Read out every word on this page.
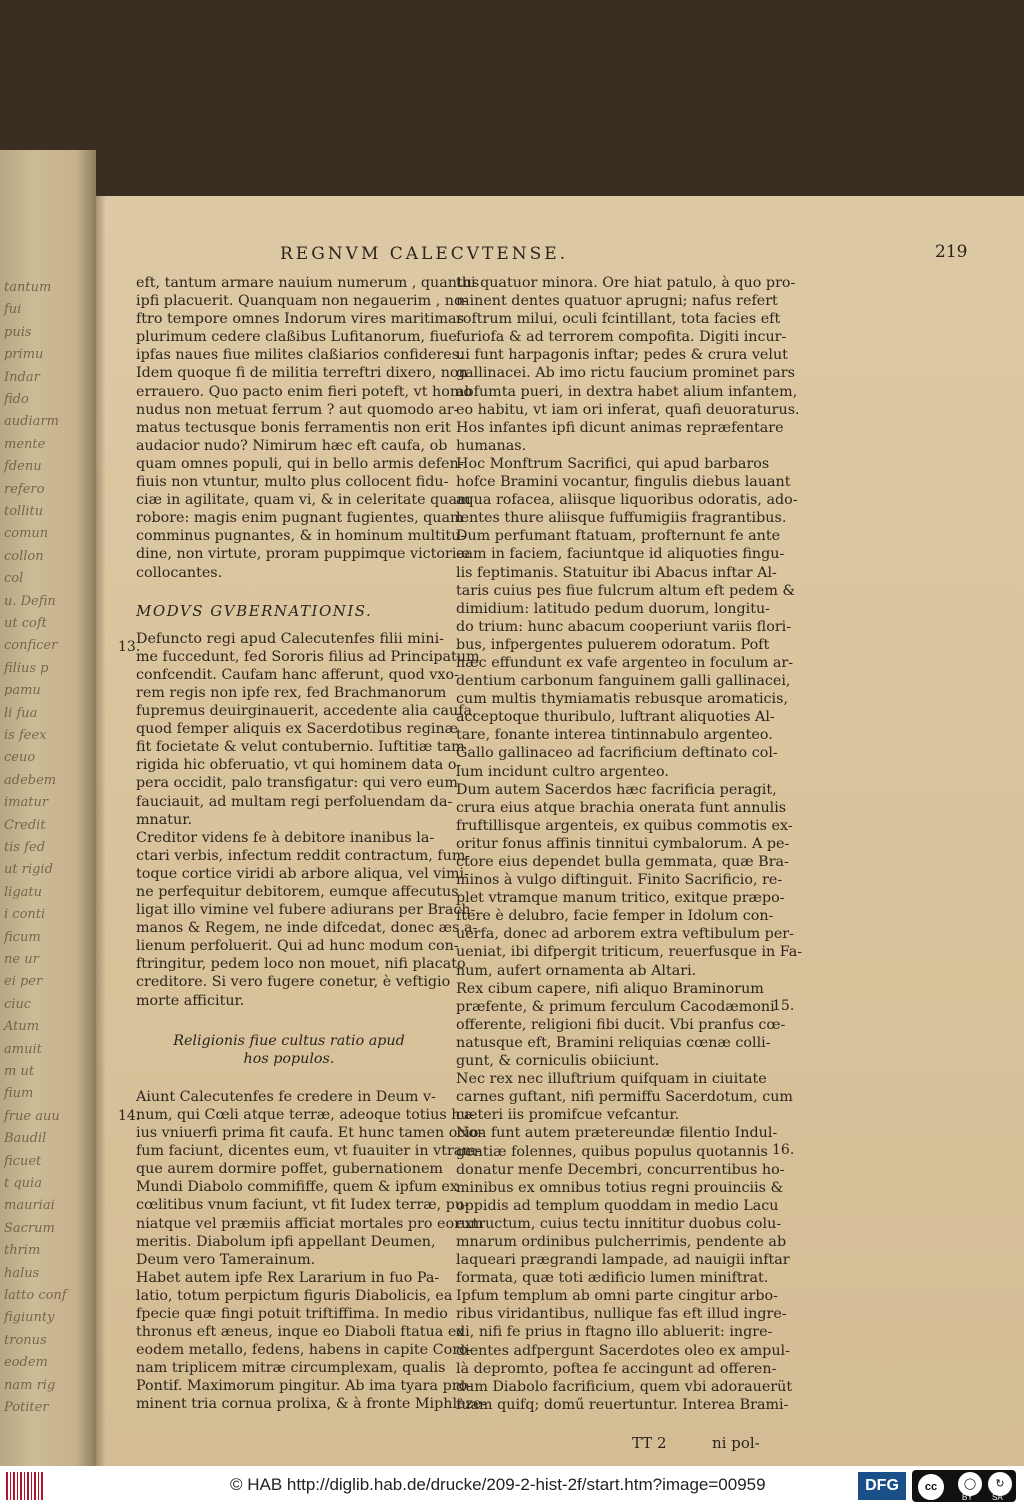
tantum
fui
puis
primu
Indar
fido
audiarm
mente
fdenu
refero
tollitu
comun
collon
col
u. Defin
ut coft
conficer
filius p
pamu
li fua
is feex
ceuo
adebem
imatur
Credit
tis fed
ut rigid
ligatu
i conti
ficum
ne ur
ei per
ciuc
Atum
amuit
m ut
fium
frue auu
Baudil
ficuet
t quia
mauriai
Sacrum
thrim
halus
latto conf
figiunty
tronus
eodem
nam rig
Potiter
REGNVM CALECVTENSE.	219
eft, tantum armare nauium numerum , quantus
ipfi placuerit. Quanquam non negauerim , no-
ftro tempore omnes Indorum vires maritimas
plurimum cedere claßibus Lufitanorum, fiue
ipfas naues fiue milites claßiarios confideres.
Idem quoque fi de militia terreftri dixero, non
errauero. Quo pacto enim fieri poteft, vt homo
nudus non metuat ferrum ? aut quomodo ar-
matus tectusque bonis ferramentis non erit
audacior nudo? Nimirum hæc eft caufa, ob
quam omnes populi, qui in bello armis defen-
fiuis non vtuntur, multo plus collocent fidu-
ciæ in agilitate, quam vi, & in celeritate quam
robore: magis enim pugnant fugientes, quam
comminus pugnantes, & in hominum multitu-
dine, non virtute, proram puppimque victoriæ
collocantes.
MODVS GVBERNATIONIS.
Defuncto regi apud Calecutenfes filii mini-
me fuccedunt, fed Sororis filius ad Principatum
confcendit. Caufam hanc afferunt, quod vxo-
rem regis non ipfe rex, fed Brachmanorum
fupremus deuirginauerit, accedente alia caufa,
quod femper aliquis ex Sacerdotibus reginæ
fit focietate & velut contubernio. Iuftitiæ tam
rigida hic obferuatio, vt qui hominem data o-
pera occidit, palo transfigatur: qui vero eum
fauciauit, ad multam regi perfoluendam da-
mnatur.
Creditor videns fe à debitore inanibus la-
ctari verbis, infectum reddit contractum, fum-
toque cortice viridi ab arbore aliqua, vel vimi-
ne perfequitur debitorem, eumque affecutus
ligat illo vimine vel fubere adiurans per Brach-
manos & Regem, ne inde difcedat, donec æs a-
lienum perfoluerit. Qui ad hunc modum con-
ftringitur, pedem loco non mouet, nifi placato
creditore. Si vero fugere conetur, è veftigio
morte afficitur.
Religionis fiue cultus ratio apud
hos populos.
Aiunt Calecutenfes fe credere in Deum v-
num, qui Cœli atque terræ, adeoque totius hu-
ius vniuerfi prima fit caufa. Et hunc tamen ocio-
fum faciunt, dicentes eum, vt fuauiter in vtram-
que aurem dormire poffet, gubernationem
Mundi Diabolo commififfe, quem & ipfum ex
cœlitibus vnum faciunt, vt fit Iudex terræ, pu-
niatque vel præmiis afficiat mortales pro eorum
meritis. Diabolum ipfi appellant Deumen,
Deum vero Tamerainum.
Habet autem ipfe Rex Lararium in fuo Pa-
latio, totum perpictum figuris Diabolicis, ea
fpecie quæ fingi potuit triftiffima. In medio
thronus eft æneus, inque eo Diaboli ftatua ex
eodem metallo, fedens, habens in capite Coro-
nam triplicem mitræ circumplexam, qualis
Pontif. Maximorum pingitur. Ab ima tyara pro-
minent tria cornua prolixa, & à fronte Miphleze-
thi quatuor minora. Ore hiat patulo, à quo pro-
minent dentes quatuor aprugni; nafus refert
roftrum milui, oculi fcintillant, tota facies eft
furiofa & ad terrorem compofita. Digiti incur-
ui funt harpagonis inftar; pedes & crura velut
gallinacei. Ab imo rictu faucium prominet pars
abfumta pueri, in dextra habet alium infantem,
eo habitu, vt iam ori inferat, quafi deuoraturus.
Hos infantes ipfi dicunt animas repræfentare
humanas.
Hoc Monftrum Sacrifici, qui apud barbaros
hofce Bramini vocantur, fingulis diebus lauant
aqua rofacea, aliisque liquoribus odoratis, ado-
lentes thure aliisque fuffumigiis fragrantibus.
Dum perfumant ftatuam, profternunt fe ante
eam in faciem, faciuntque id aliquoties fingu-
lis feptimanis. Statuitur ibi Abacus inftar Al-
taris cuius pes fiue fulcrum altum eft pedem &
dimidium: latitudo pedum duorum, longitu-
do trium: hunc abacum cooperiunt variis flori-
bus, infpergentes puluerem odoratum. Poft
hæc effundunt ex vafe argenteo in foculum ar-
dentium carbonum fanguinem galli gallinacei,
cum multis thymiamatis rebusque aromaticis,
acceptoque thuribulo, luftrant aliquoties Al-
tare, fonante interea tintinnabulo argenteo.
Gallo gallinaceo ad facrificium deftinato col-
lum incidunt cultro argenteo.
Dum autem Sacerdos hæc facrificia peragit,
crura eius atque brachia onerata funt annulis
fruftillisque argenteis, ex quibus commotis ex-
oritur fonus affinis tinnitui cymbalorum. A pe-
ctore eius dependet bulla gemmata, quæ Bra-
minos à vulgo diftinguit. Finito Sacrificio, re-
plet vtramque manum tritico, exitque præpo-
ftere è delubro, facie femper in Idolum con-
uerfa, donec ad arborem extra veftibulum per-
ueniat, ibi difpergit triticum, reuerfusque in Fa-
num, aufert ornamenta ab Altari.
Rex cibum capere, nifi aliquo Braminorum
præfente, & primum ferculum Cacodæmoni
offerente, religioni fibi ducit. Vbi pranfus cœ-
natusque eft, Bramini reliquias cœnæ colli-
gunt, & corniculis obiiciunt.
Nec rex nec illuftrium quifquam in ciuitate
carnes guftant, nifi permiffu Sacerdotum, cum
cæteri iis promifcue vefcantur.
Non funt autem prætereundæ filentio Indul-
gentiæ folennes, quibus populus quotannis
donatur menfe Decembri, concurrentibus ho-
minibus ex omnibus totius regni prouinciis &
oppidis ad templum quoddam in medio Lacu
extructum, cuius tectu innititur duobus colu-
mnarum ordinibus pulcherrimis, pendente ab
laqueari prægrandi lampade, ad nauigii inftar
formata, quæ toti ædificio lumen miniftrat.
Ipfum templum ab omni parte cingitur arbo-
ribus viridantibus, nullique fas eft illud ingre-
di, nifi fe prius in ftagno illo abluerit: ingre-
dientes adfpergunt Sacerdotes oleo ex ampul-
là depromto, poftea fe accingunt ad offeren-
dum Diabolo facrificium, quem vbi adorauerüt
fuam quifq; domű reuertuntur. Interea Brami-
13.
14.
15.
16.
TT 2	ni pol-
© HAB http://diglib.hab.de/drucke/209-2-hist-2f/start.htm?image=00959	DFG	cc	◯	↻
BY SA
